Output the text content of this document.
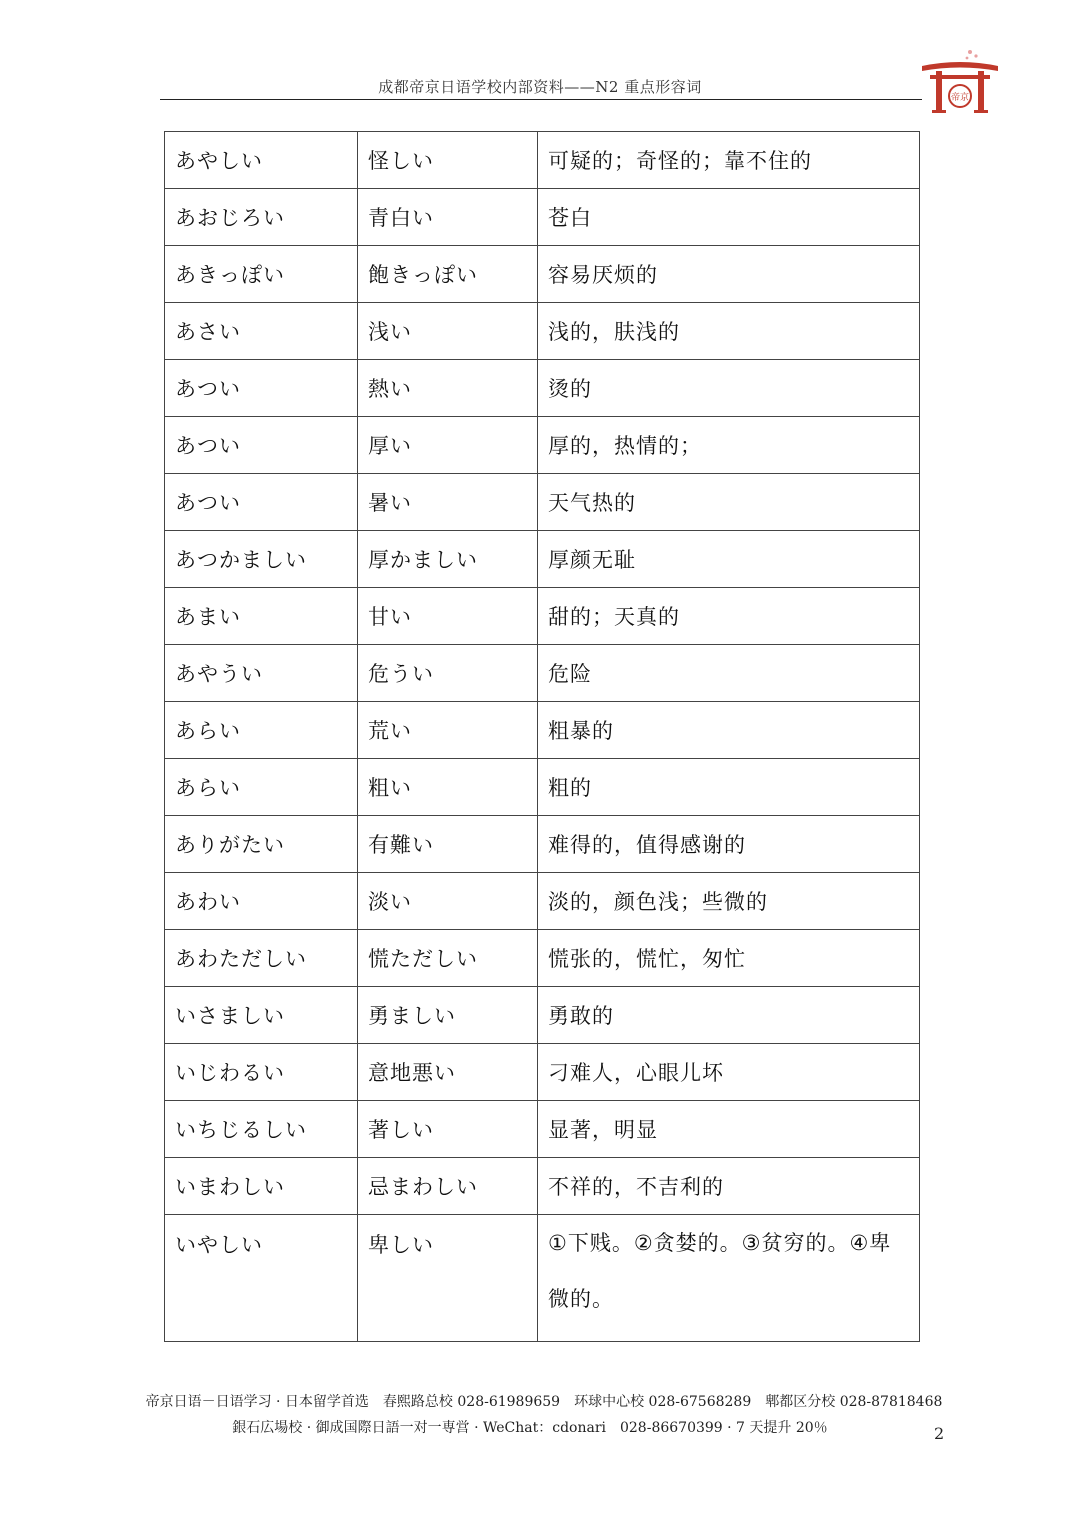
成都帝京日语学校内部资料——N2 重点形容词
帝京
あやしい	怪しい	可疑的；奇怪的；靠不住的
あおじろい	青白い	苍白
あきっぽい	飽きっぽい	容易厌烦的
あさい	浅い	浅的，肤浅的
あつい	熱い	烫的
あつい	厚い	厚的，热情的；
あつい	暑い	天气热的
あつかましい	厚かましい	厚颜无耻
あまい	甘い	甜的；天真的
あやうい	危うい	危险
あらい	荒い	粗暴的
あらい	粗い	粗的
ありがたい	有難い	难得的，值得感谢的
あわい	淡い	淡的，颜色浅；些微的
あわただしい	慌ただしい	慌张的，慌忙，匆忙
いさましい	勇ましい	勇敢的
いじわるい	意地悪い	刁难人，心眼儿坏
いちじるしい	著しい	显著，明显
いまわしい	忌まわしい	不祥的，不吉利的
いやしい	卑しい	①下贱。②贪婪的。③贫穷的。④卑微的。
帝京日语－日语学习 · 日本留学首选　春熙路总校 028-61989659　环球中心校 028-67568289　郫都区分校 028-87818468
銀石広場校 · 御成国際日語一对一専営 · WeChat：cdonari　028-86670399 · 7 天提升 20％	2
